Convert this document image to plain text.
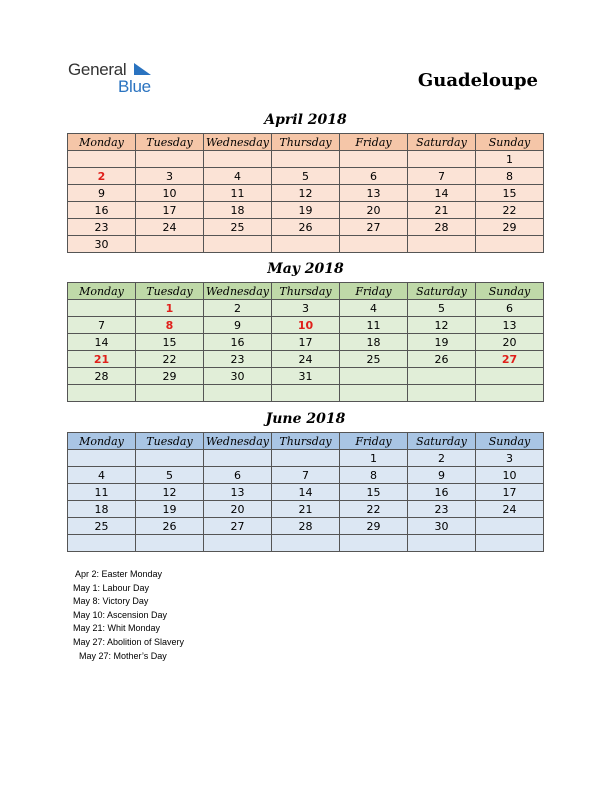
General
Blue	Guadeloupe
April 2018
Monday	Tuesday	Wednesday	Thursday	Friday	Saturday	Sunday
						1
2	3	4	5	6	7	8
9	10	11	12	13	14	15
16	17	18	19	20	21	22
23	24	25	26	27	28	29
30						
May 2018
Monday	Tuesday	Wednesday	Thursday	Friday	Saturday	Sunday
	1	2	3	4	5	6
7	8	9	10	11	12	13
14	15	16	17	18	19	20
21	22	23	24	25	26	27
28	29	30	31			

June 2018
Monday	Tuesday	Wednesday	Thursday	Friday	Saturday	Sunday
				1	2	3
4	5	6	7	8	9	10
11	12	13	14	15	16	17
18	19	20	21	22	23	24
25	26	27	28	29	30	

Apr 2: Easter Monday
May 1: Labour Day
May 8: Victory Day
May 10: Ascension Day
May 21: Whit Monday
May 27: Abolition of Slavery
May 27: Mother’s Day
